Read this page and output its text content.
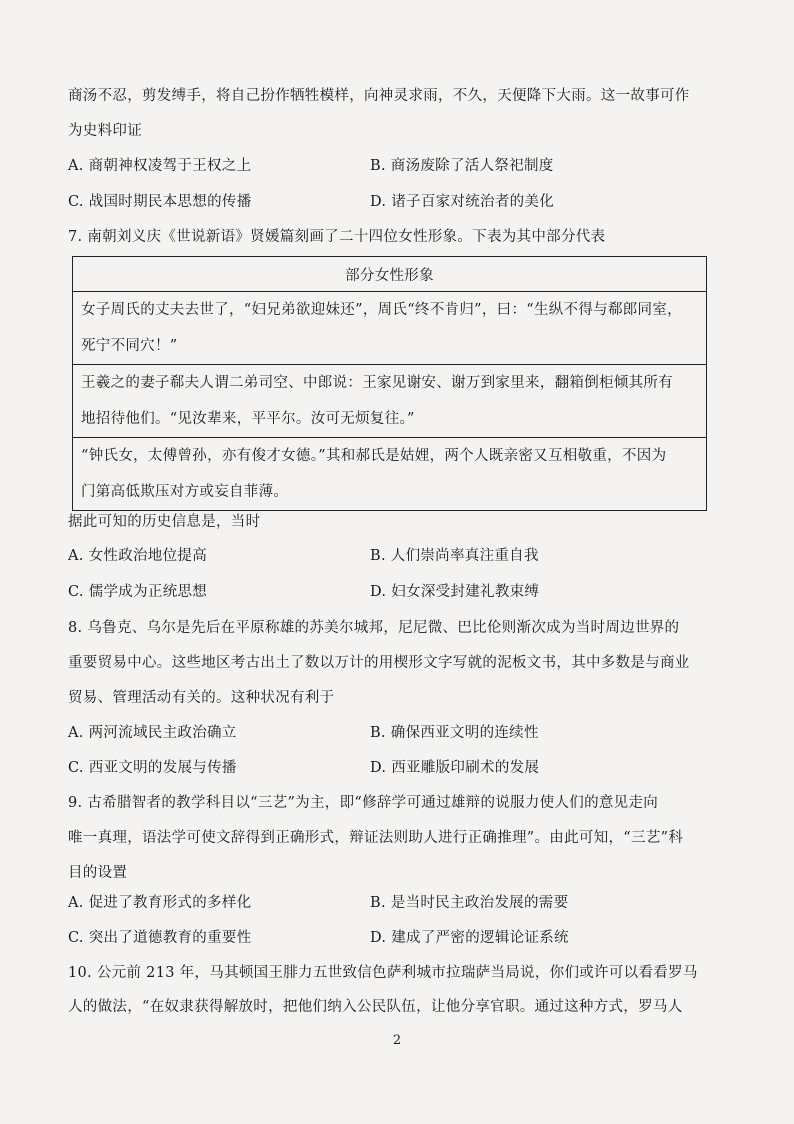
商汤不忍，剪发缚手，将自己扮作牺牲模样，向神灵求雨，不久，天便降下大雨。这一故事可作
为史料印证
A. 商朝神权凌驾于王权之上	B. 商汤废除了活人祭祀制度
C. 战国时期民本思想的传播	D. 诸子百家对统治者的美化
7. 南朝刘义庆《世说新语》贤媛篇刻画了二十四位女性形象。下表为其中部分代表
部分女性形象

女子周氏的丈夫去世了，“妇兄弟欲迎妹还”，周氏“终不肯归”，曰：“生纵不得与郗郎同室，
死宁不同穴！”

王羲之的妻子郗夫人谓二弟司空、中郎说：王家见谢安、谢万到家里来，翻箱倒柜倾其所有
地招待他们。“见汝辈来，平平尔。汝可无烦复往。”

“钟氏女，太傅曾孙，亦有俊才女德。”其和郝氏是姑娌，两个人既亲密又互相敬重，不因为
门第高低欺压对方或妄自菲薄。
据此可知的历史信息是，当时
A. 女性政治地位提高	B. 人们崇尚率真注重自我
C. 儒学成为正统思想	D. 妇女深受封建礼教束缚
8. 乌鲁克、乌尔是先后在平原称雄的苏美尔城邦，尼尼微、巴比伦则渐次成为当时周边世界的
重要贸易中心。这些地区考古出土了数以万计的用楔形文字写就的泥板文书，其中多数是与商业
贸易、管理活动有关的。这种状况有利于
A. 两河流域民主政治确立	B. 确保西亚文明的连续性
C. 西亚文明的发展与传播	D. 西亚雕版印刷术的发展
9. 古希腊智者的教学科目以“三艺”为主，即“修辞学可通过雄辩的说服力使人们的意见走向
唯一真理，语法学可使文辞得到正确形式，辩证法则助人进行正确推理”。由此可知，“三艺”科
目的设置
A. 促进了教育形式的多样化	B. 是当时民主政治发展的需要
C. 突出了道德教育的重要性	D. 建成了严密的逻辑论证系统
10. 公元前 213 年，马其顿国王腓力五世致信色萨利城市拉瑞萨当局说，你们或许可以看看罗马
人的做法，“在奴隶获得解放时，把他们纳入公民队伍，让他分享官职。通过这种方式，罗马人
2
